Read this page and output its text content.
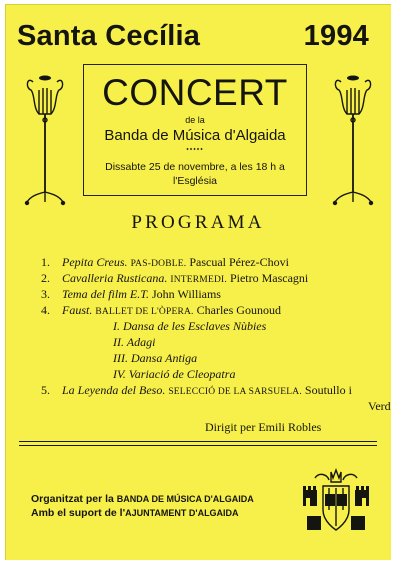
Santa Cecília	1994
CONCERT
de la
Banda de Música d'Algaida
⬩⬩⬩⬩⬩
Dissabte 25 de novembre, a les 18 h a
l'Església
PROGRAMA
1. Pepita Creus. PAS-DOBLE. Pascual Pérez-Chovi
2. Cavalleria Rusticana. INTERMEDI. Pietro Mascagni
3. Tema del film E.T. John Williams
4. Faust. BALLET DE L'ÒPERA. Charles Gounoud
I. Dansa de les Esclaves Nùbies
II. Adagi
III. Dansa Antiga
IV. Variació de Cleopatra
5. La Leyenda del Beso. SELECCIÓ DE LA SARSUELA. Soutullo i
Verd
Dirigit per Emili Robles
Organitzat per la BANDA DE MÚSICA D'ALGAIDA
Amb el suport de l'AJUNTAMENT D'ALGAIDA
